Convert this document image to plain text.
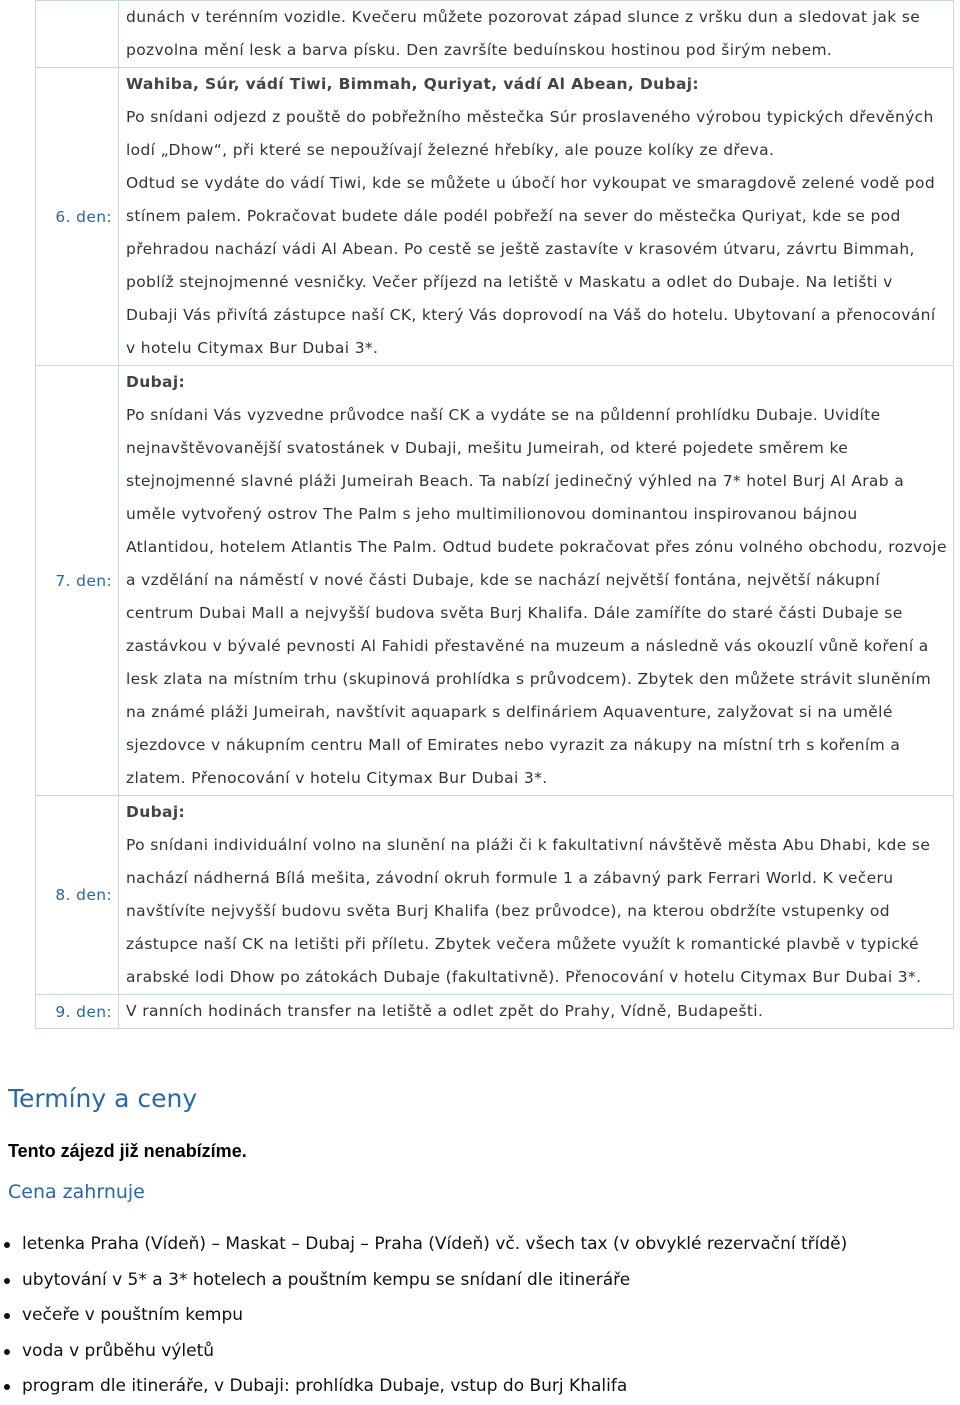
	dunách v terénním vozidle. Kvečeru můžete pozorovat západ slunce z vršku dun a sledovat jak se pozvolna mění lesk a barva písku. Den završíte beduínskou hostinou pod širým nebem.

6. den:	Wahiba, Súr, vádí Tiwi, Bimmah, Quriyat, vádí Al Abean, Dubaj:

Po snídani odjezd z pouště do pobřežního městečka Súr proslaveného výrobou typických dřevěných lodí „Dhow“, při které se nepoužívají železné hřebíky, ale pouze kolíky ze dřeva.

Odtud se vydáte do vádí Tiwi, kde se můžete u úbočí hor vykoupat ve smaragdově zelené vodě pod stínem palem. Pokračovat budete dále podél pobřeží na sever do městečka Quriyat, kde se pod přehradou nachází vádi Al Abean. Po cestě se ještě zastavíte v krasovém útvaru, závrtu Bimmah, poblíž stejnojmenné vesničky. Večer příjezd na letiště v Maskatu a odlet do Dubaje. Na letišti v Dubaji Vás přivítá zástupce naší CK, který Vás doprovodí na Váš do hotelu. Ubytovaní a přenocování v hotelu Citymax Bur Dubai 3*.

7. den:	Dubaj:

Po snídani Vás vyzvedne průvodce naší CK a vydáte se na půldenní prohlídku Dubaje. Uvidíte nejnavštěvovanější svatostánek v Dubaji, mešitu Jumeirah, od které pojedete směrem ke stejnojmenné slavné pláži Jumeirah Beach. Ta nabízí jedinečný výhled na 7* hotel Burj Al Arab a uměle vytvořený ostrov The Palm s jeho multimilionovou dominantou inspirovanou bájnou Atlantidou, hotelem Atlantis The Palm. Odtud budete pokračovat přes zónu volného obchodu, rozvoje a vzdělání na náměstí v nové části Dubaje, kde se nachází největší fontána, největší nákupní centrum Dubai Mall a nejvyšší budova světa Burj Khalifa. Dále zamíříte do staré části Dubaje se zastávkou v bývalé pevnosti Al Fahidi přestavěné na muzeum a následně vás okouzlí vůně koření a lesk zlata na místním trhu (skupinová prohlídka s průvodcem). Zbytek den můžete strávit sluněním na známé pláži Jumeirah, navštívit aquapark s delfináriem Aquaventure, zalyžovat si na umělé sjezdovce v nákupním centru Mall of Emirates nebo vyrazit za nákupy na místní trh s kořením a zlatem. Přenocování v hotelu Citymax Bur Dubai 3*.

8. den:	Dubaj:

Po snídani individuální volno na slunění na pláži či k fakultativní návštěvě města Abu Dhabi, kde se nachází nádherná Bílá mešita, závodní okruh formule 1 a zábavný park Ferrari World. K večeru navštívíte nejvyšší budovu světa Burj Khalifa (bez průvodce), na kterou obdržíte vstupenky od zástupce naší CK na letišti při příletu. Zbytek večera můžete využít k romantické plavbě v typické arabské lodi Dhow po zátokách Dubaje (fakultativně). Přenocování v hotelu Citymax Bur Dubai 3*.

9. den:	V ranních hodinách transfer na letiště a odlet zpět do Prahy, Vídně, Budapešti.

Termíny a ceny

Tento zájezd již nenabízíme.

Cena zahrnuje
letenka Praha (Vídeň) – Maskat – Dubaj – Praha (Vídeň) vč. všech tax (v obvyklé rezervační třídě)
ubytování v 5* a 3* hotelech a pouštním kempu se snídaní dle itineráře
večeře v pouštním kempu
voda v průběhu výletů
program dle itineráře, v Dubaji: prohlídka Dubaje, vstup do Burj Khalifa
